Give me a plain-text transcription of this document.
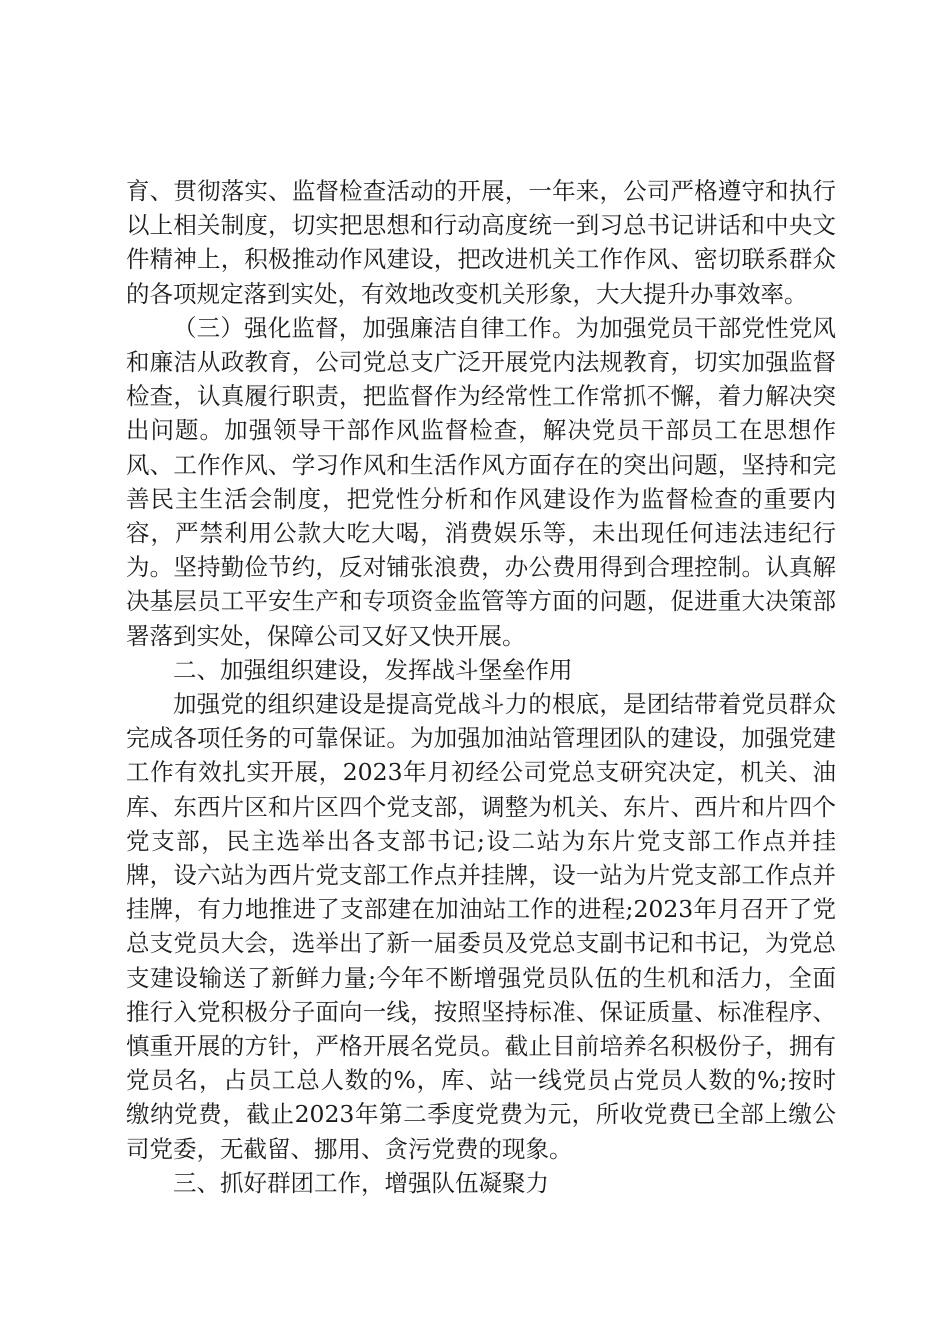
育、贯彻落实、监督检查活动的开展，一年来，公司严格遵守和执行以上相关制度，切实把思想和行动高度统一到习总书记讲话和中央文件精神上，积极推动作风建设，把改进机关工作作风、密切联系群众的各项规定落到实处，有效地改变机关形象，大大提升办事效率。

（三）强化监督，加强廉洁自律工作。为加强党员干部党性党风和廉洁从政教育，公司党总支广泛开展党内法规教育，切实加强监督检查，认真履行职责，把监督作为经常性工作常抓不懈，着力解决突出问题。加强领导干部作风监督检查，解决党员干部员工在思想作风、工作作风、学习作风和生活作风方面存在的突出问题，坚持和完善民主生活会制度，把党性分析和作风建设作为监督检查的重要内容，严禁利用公款大吃大喝，消费娱乐等，未出现任何违法违纪行为。坚持勤俭节约，反对铺张浪费，办公费用得到合理控制。认真解决基层员工平安生产和专项资金监管等方面的问题，促进重大决策部署落到实处，保障公司又好又快开展。

二、加强组织建设，发挥战斗堡垒作用

加强党的组织建设是提高党战斗力的根底，是团结带着党员群众完成各项任务的可靠保证。为加强加油站管理团队的建设，加强党建工作有效扎实开展，2023年月初经公司党总支研究决定，机关、油库、东西片区和片区四个党支部，调整为机关、东片、西片和片四个党支部，民主选举出各支部书记;设二站为东片党支部工作点并挂牌，设六站为西片党支部工作点并挂牌，设一站为片党支部工作点并挂牌，有力地推进了支部建在加油站工作的进程;2023年月召开了党总支党员大会，选举出了新一届委员及党总支副书记和书记，为党总支建设输送了新鲜力量;今年不断增强党员队伍的生机和活力，全面推行入党积极分子面向一线，按照坚持标准、保证质量、标准程序、慎重开展的方针，严格开展名党员。截止目前培养名积极份子，拥有党员名，占员工总人数的%，库、站一线党员占党员人数的%;按时缴纳党费，截止2023年第二季度党费为元，所收党费已全部上缴公司党委，无截留、挪用、贪污党费的现象。

三、抓好群团工作，增强队伍凝聚力
